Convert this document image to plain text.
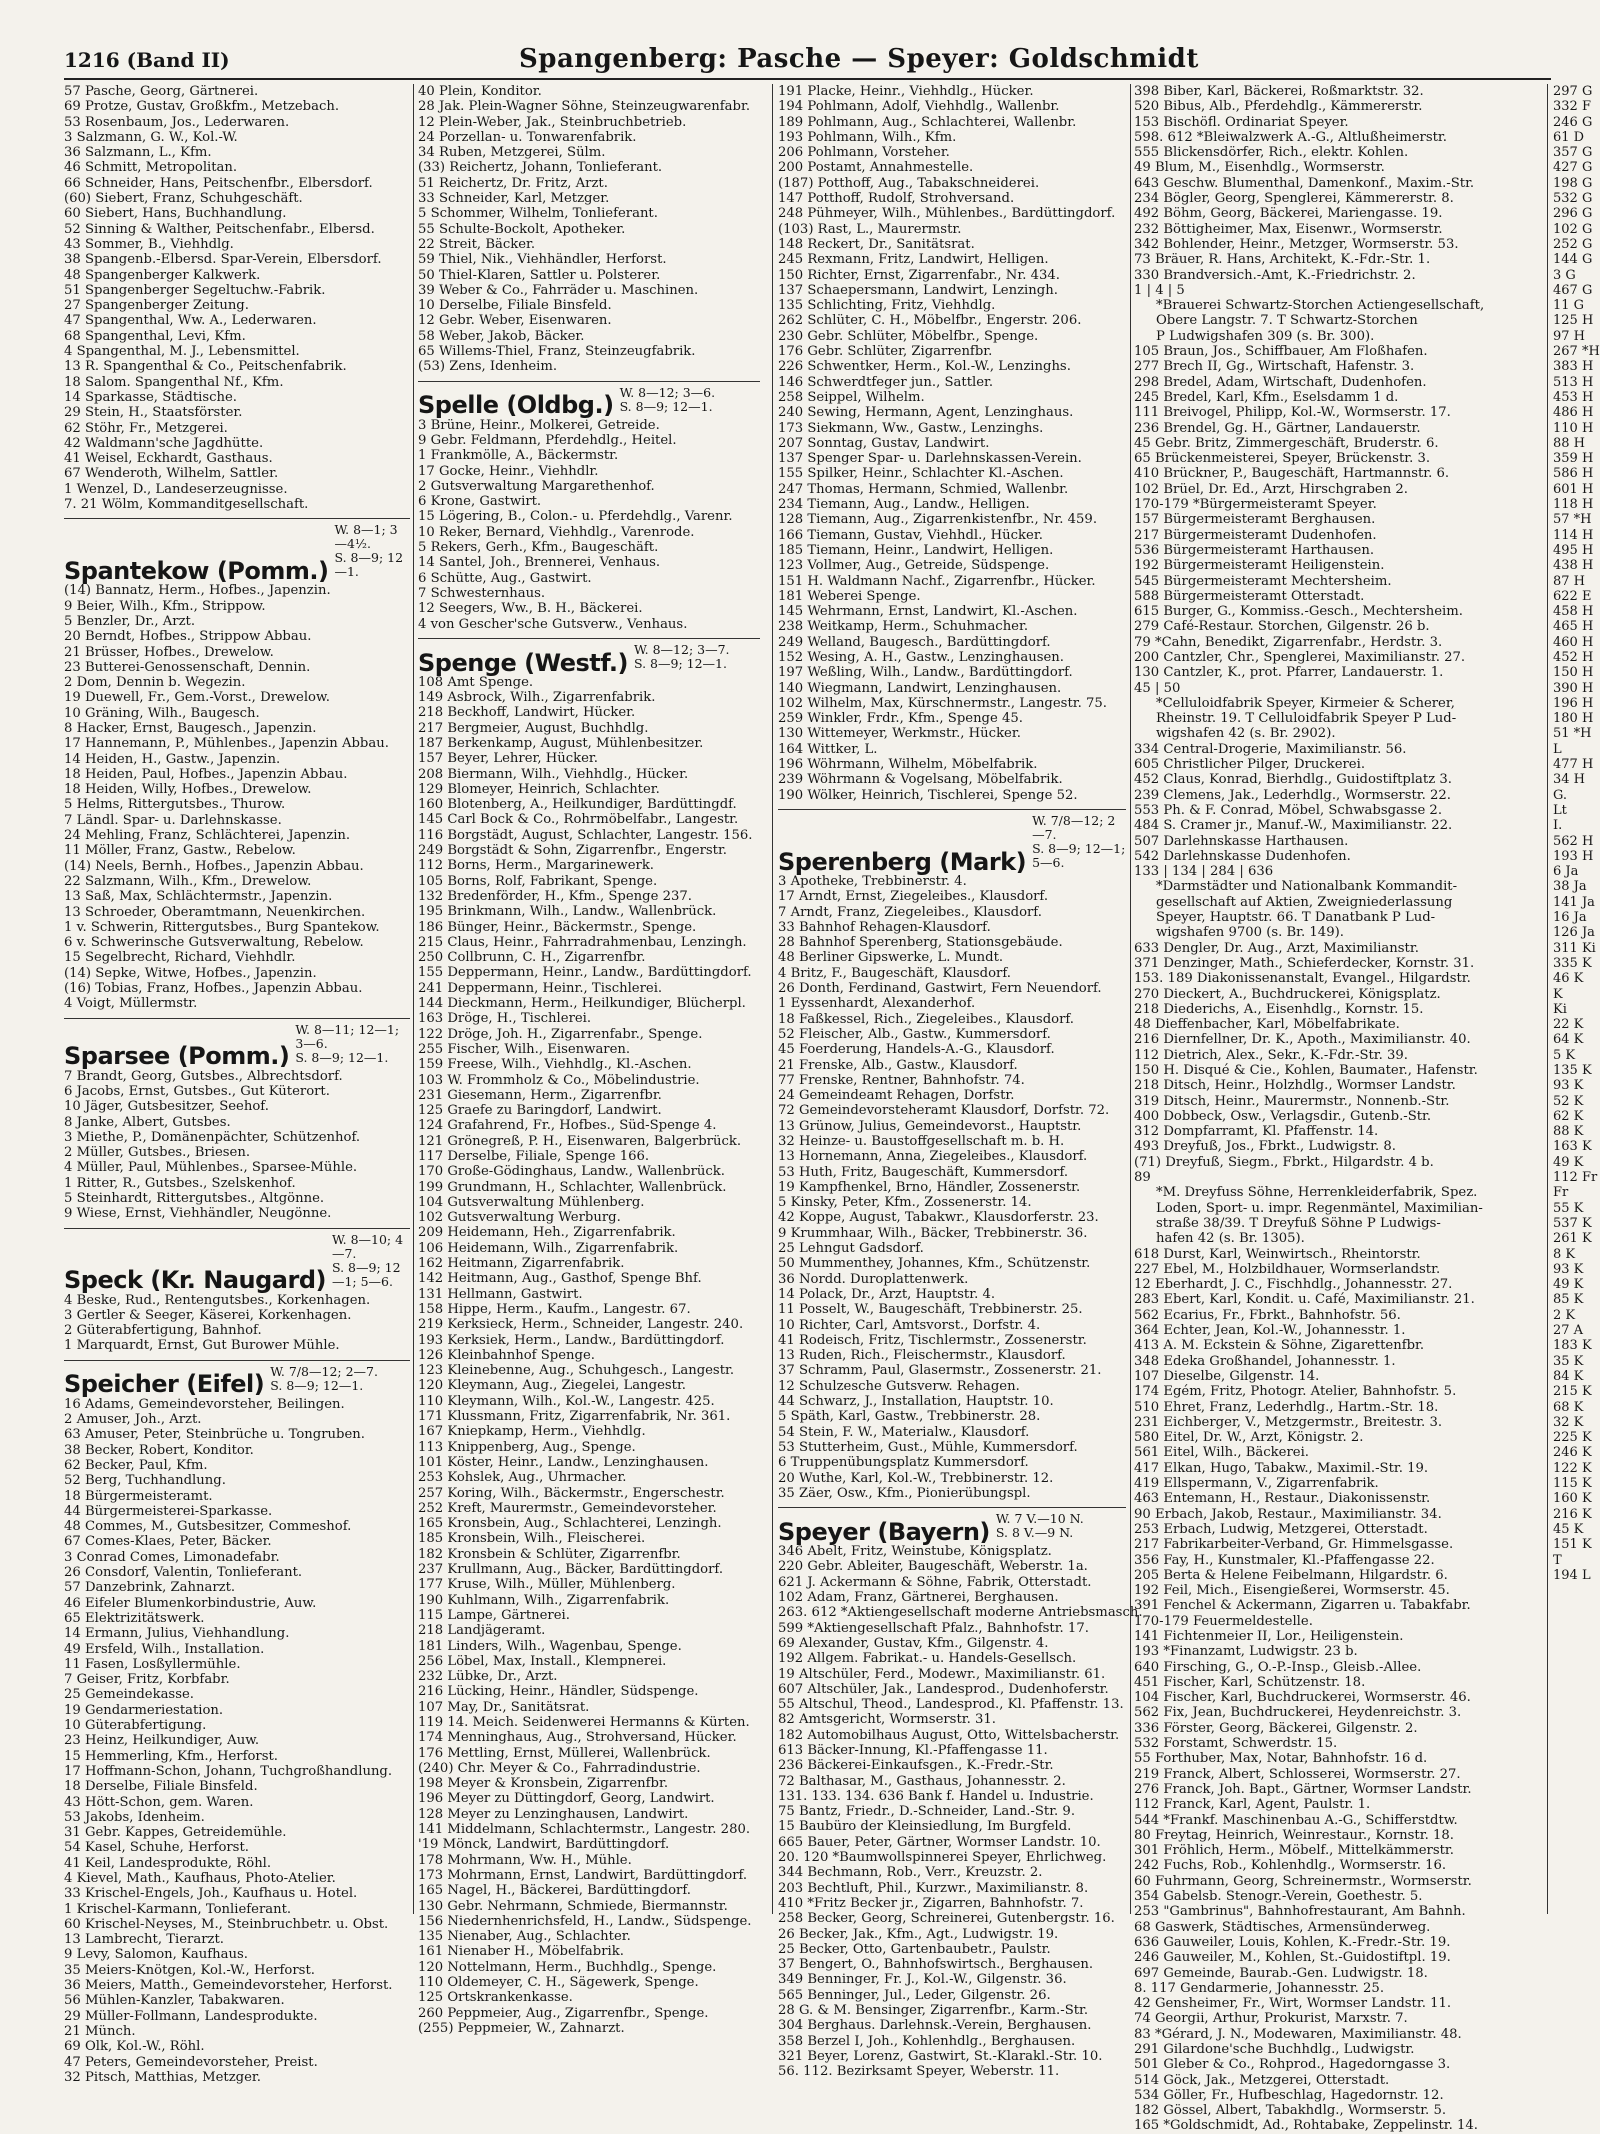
1216 (Band II)	Spangenberg: Pasche — Speyer: Goldschmidt
57 Pasche, Georg, Gärtnerei.
69 Protze, Gustav, Großkfm., Metzebach.
53 Rosenbaum, Jos., Lederwaren.
3 Salzmann, G. W., Kol.-W.
36 Salzmann, L., Kfm.
46 Schmitt, Metropolitan.
66 Schneider, Hans, Peitschenfbr., Elbersdorf.
(60) Siebert, Franz, Schuhgeschäft.
60 Siebert, Hans, Buchhandlung.
52 Sinning & Walther, Peitschenfabr., Elbersd.
43 Sommer, B., Viehhdlg.
38 Spangenb.-Elbersd. Spar-Verein, Elbersdorf.
48 Spangenberger Kalkwerk.
51 Spangenberger Segeltuchw.-Fabrik.
27 Spangenberger Zeitung.
47 Spangenthal, Ww. A., Lederwaren.
68 Spangenthal, Levi, Kfm.
4 Spangenthal, M. J., Lebensmittel.
13 R. Spangenthal & Co., Peitschenfabrik.
18 Salom. Spangenthal Nf., Kfm.
14 Sparkasse, Städtische.
29 Stein, H., Staatsförster.
62 Stöhr, Fr., Metzgerei.
42 Waldmann'sche Jagdhütte.
41 Weisel, Eckhardt, Gasthaus.
67 Wenderoth, Wilhelm, Sattler.
1 Wenzel, D., Landeserzeugnisse.
7. 21 Wölm, Kommanditgesellschaft.
Spantekow (Pomm.)
W. 8—1; 3—4½.
S. 8—9; 12—1.
(14) Bannatz, Herm., Hofbes., Japenzin.
9 Beier, Wilh., Kfm., Strippow.
5 Benzler, Dr., Arzt.
20 Berndt, Hofbes., Strippow Abbau.
21 Brüsser, Hofbes., Drewelow.
23 Butterei-Genossenschaft, Dennin.
2 Dom, Dennin b. Wegezin.
19 Duewell, Fr., Gem.-Vorst., Drewelow.
10 Gräning, Wilh., Baugesch.
8 Hacker, Ernst, Baugesch., Japenzin.
17 Hannemann, P., Mühlenbes., Japenzin Abbau.
14 Heiden, H., Gastw., Japenzin.
18 Heiden, Paul, Hofbes., Japenzin Abbau.
18 Heiden, Willy, Hofbes., Drewelow.
5 Helms, Rittergutsbes., Thurow.
7 Ländl. Spar- u. Darlehnskasse.
24 Mehling, Franz, Schlächterei, Japenzin.
11 Möller, Franz, Gastw., Rebelow.
(14) Neels, Bernh., Hofbes., Japenzin Abbau.
22 Salzmann, Wilh., Kfm., Drewelow.
13 Saß, Max, Schlächtermstr., Japenzin.
13 Schroeder, Oberamtmann, Neuenkirchen.
1 v. Schwerin, Rittergutsbes., Burg Spantekow.
6 v. Schwerinsche Gutsverwaltung, Rebelow.
15 Segelbrecht, Richard, Viehhdlr.
(14) Sepke, Witwe, Hofbes., Japenzin.
(16) Tobias, Franz, Hofbes., Japenzin Abbau.
4 Voigt, Müllermstr.
Sparsee (Pomm.)
W. 8—11; 12—1; 3—6.
S. 8—9; 12—1.
7 Brandt, Georg, Gutsbes., Albrechtsdorf.
6 Jacobs, Ernst, Gutsbes., Gut Küterort.
10 Jäger, Gutsbesitzer, Seehof.
8 Janke, Albert, Gutsbes.
3 Miethe, P., Domänenpächter, Schützenhof.
2 Müller, Gutsbes., Briesen.
4 Müller, Paul, Mühlenbes., Sparsee-Mühle.
1 Ritter, R., Gutsbes., Szelskenhof.
5 Steinhardt, Rittergutsbes., Altgönne.
9 Wiese, Ernst, Viehhändler, Neugönne.
Speck (Kr. Naugard)
W. 8—10; 4—7.
S. 8—9; 12—1; 5—6.
4 Beske, Rud., Rentengutsbes., Korkenhagen.
3 Gertler & Seeger, Käserei, Korkenhagen.
2 Güterabfertigung, Bahnhof.
1 Marquardt, Ernst, Gut Burower Mühle.
Speicher (Eifel) W. 7/8—12; 2—7.
S. 8—9; 12—1.
16 Adams, Gemeindevorsteher, Beilingen.
2 Amuser, Joh., Arzt.
63 Amuser, Peter, Steinbrüche u. Tongruben.
38 Becker, Robert, Konditor.
62 Becker, Paul, Kfm.
52 Berg, Tuchhandlung.
18 Bürgermeisteramt.
44 Bürgermeisterei-Sparkasse.
48 Commes, M., Gutsbesitzer, Commeshof.
67 Comes-Klaes, Peter, Bäcker.
3 Conrad Comes, Limonadefabr.
26 Consdorf, Valentin, Tonlieferant.
57 Danzebrink, Zahnarzt.
46 Eifeler Blumenkorbindustrie, Auw.
65 Elektrizitätswerk.
14 Ermann, Julius, Viehhandlung.
49 Ersfeld, Wilh., Installation.
11 Fasen, Losßyllermühle.
7 Geiser, Fritz, Korbfabr.
25 Gemeindekasse.
19 Gendarmeriestation.
10 Güterabfertigung.
23 Heinz, Heilkundiger, Auw.
15 Hemmerling, Kfm., Herforst.
17 Hoffmann-Schon, Johann, Tuchgroßhandlung.
18 Derselbe, Filiale Binsfeld.
43 Hött-Schon, gem. Waren.
53 Jakobs, Idenheim.
31 Gebr. Kappes, Getreidemühle.
54 Kasel, Schuhe, Herforst.
41 Keil, Landesprodukte, Röhl.
4 Kievel, Math., Kaufhaus, Photo-Atelier.
33 Krischel-Engels, Joh., Kaufhaus u. Hotel.
1 Krischel-Karmann, Tonlieferant.
60 Krischel-Neyses, M., Steinbruchbetr. u. Obst.
13 Lambrecht, Tierarzt.
9 Levy, Salomon, Kaufhaus.
35 Meiers-Knötgen, Kol.-W., Herforst.
36 Meiers, Matth., Gemeindevorsteher, Herforst.
56 Mühlen-Kanzler, Tabakwaren.
29 Müller-Follmann, Landesprodukte.
21 Münch.
69 Olk, Kol.-W., Röhl.
47 Peters, Gemeindevorsteher, Preist.
32 Pitsch, Matthias, Metzger.
40 Plein, Konditor.
28 Jak. Plein-Wagner Söhne, Steinzeugwarenfabr.
12 Plein-Weber, Jak., Steinbruchbetrieb.
24 Porzellan- u. Tonwarenfabrik.
34 Ruben, Metzgerei, Sülm.
(33) Reichertz, Johann, Tonlieferant.
51 Reichertz, Dr. Fritz, Arzt.
33 Schneider, Karl, Metzger.
5 Schommer, Wilhelm, Tonlieferant.
55 Schulte-Bockolt, Apotheker.
22 Streit, Bäcker.
59 Thiel, Nik., Viehhändler, Herforst.
50 Thiel-Klaren, Sattler u. Polsterer.
39 Weber & Co., Fahrräder u. Maschinen.
10 Derselbe, Filiale Binsfeld.
12 Gebr. Weber, Eisenwaren.
58 Weber, Jakob, Bäcker.
65 Willems-Thiel, Franz, Steinzeugfabrik.
(53) Zens, Idenheim.
Spelle (Oldbg.) W. 8—12; 3—6.
S. 8—9; 12—1.
3 Brüne, Heinr., Molkerei, Getreide.
9 Gebr. Feldmann, Pferdehdlg., Heitel.
1 Frankmölle, A., Bäckermstr.
17 Gocke, Heinr., Viehhdlr.
2 Gutsverwaltung Margarethenhof.
6 Krone, Gastwirt.
15 Lögering, B., Colon.- u. Pferdehdlg., Varenr.
10 Reker, Bernard, Viehhdlg., Varenrode.
5 Rekers, Gerh., Kfm., Baugeschäft.
14 Santel, Joh., Brennerei, Venhaus.
6 Schütte, Aug., Gastwirt.
7 Schwesternhaus.
12 Seegers, Ww., B. H., Bäckerei.
4 von Gescher'sche Gutsverw., Venhaus.
Spenge (Westf.) W. 8—12; 3—7.
S. 8—9; 12—1.
108 Amt Spenge.
149 Asbrock, Wilh., Zigarrenfabrik.
218 Beckhoff, Landwirt, Hücker.
217 Bergmeier, August, Buchhdlg.
187 Berkenkamp, August, Mühlenbesitzer.
157 Beyer, Lehrer, Hücker.
208 Biermann, Wilh., Viehhdlg., Hücker.
129 Blomeyer, Heinrich, Schlachter.
160 Blotenberg, A., Heilkundiger, Bardüttingdf.
145 Carl Bock & Co., Rohrmöbelfabr., Langestr.
116 Borgstädt, August, Schlachter, Langestr. 156.
249 Borgstädt & Sohn, Zigarrenfbr., Engerstr.
112 Borns, Herm., Margarinewerk.
105 Borns, Rolf, Fabrikant, Spenge.
132 Bredenförder, H., Kfm., Spenge 237.
195 Brinkmann, Wilh., Landw., Wallenbrück.
186 Bünger, Heinr., Bäckermstr., Spenge.
215 Claus, Heinr., Fahrradrahmenbau, Lenzingh.
250 Collbrunn, C. H., Zigarrenfbr.
155 Deppermann, Heinr., Landw., Bardüttingdorf.
241 Deppermann, Heinr., Tischlerei.
144 Dieckmann, Herm., Heilkundiger, Blücherpl.
163 Dröge, H., Tischlerei.
122 Dröge, Joh. H., Zigarrenfabr., Spenge.
255 Fischer, Wilh., Eisenwaren.
159 Freese, Wilh., Viehhdlg., Kl.-Aschen.
103 W. Frommholz & Co., Möbelindustrie.
231 Giesemann, Herm., Zigarrenfbr.
125 Graefe zu Baringdorf, Landwirt.
124 Grafahrend, Fr., Hofbes., Süd-Spenge 4.
121 Grönegreß, P. H., Eisenwaren, Balgerbrück.
117 Derselbe, Filiale, Spenge 166.
170 Große-Gödinghaus, Landw., Wallenbrück.
199 Grundmann, H., Schlachter, Wallenbrück.
104 Gutsverwaltung Mühlenberg.
102 Gutsverwaltung Werburg.
209 Heidemann, Heh., Zigarrenfabrik.
106 Heidemann, Wilh., Zigarrenfabrik.
162 Heitmann, Zigarrenfabrik.
142 Heitmann, Aug., Gasthof, Spenge Bhf.
131 Hellmann, Gastwirt.
158 Hippe, Herm., Kaufm., Langestr. 67.
219 Kerksieck, Herm., Schneider, Langestr. 240.
193 Kerksiek, Herm., Landw., Bardüttingdorf.
126 Kleinbahnhof Spenge.
123 Kleinebenne, Aug., Schuhgesch., Langestr.
120 Kleymann, Aug., Ziegelei, Langestr.
110 Kleymann, Wilh., Kol.-W., Langestr. 425.
171 Klussmann, Fritz, Zigarrenfabrik, Nr. 361.
167 Kniepkamp, Herm., Viehhdlg.
113 Knippenberg, Aug., Spenge.
101 Köster, Heinr., Landw., Lenzinghausen.
253 Kohslek, Aug., Uhrmacher.
257 Koring, Wilh., Bäckermstr., Engerschestr.
252 Kreft, Maurermstr., Gemeindevorsteher.
165 Kronsbein, Aug., Schlachterei, Lenzingh.
185 Kronsbein, Wilh., Fleischerei.
182 Kronsbein & Schlüter, Zigarrenfbr.
237 Krullmann, Aug., Bäcker, Bardüttingdorf.
177 Kruse, Wilh., Müller, Mühlenberg.
190 Kuhlmann, Wilh., Zigarrenfabrik.
115 Lampe, Gärtnerei.
218 Landjägeramt.
181 Linders, Wilh., Wagenbau, Spenge.
256 Löbel, Max, Install., Klempnerei.
232 Lübke, Dr., Arzt.
216 Lücking, Heinr., Händler, Südspenge.
107 May, Dr., Sanitätsrat.
119 14. Meich. Seidenwerei Hermanns & Kürten.
174 Menninghaus, Aug., Strohversand, Hücker.
176 Mettling, Ernst, Müllerei, Wallenbrück.
(240) Chr. Meyer & Co., Fahrradindustrie.
198 Meyer & Kronsbein, Zigarrenfbr.
196 Meyer zu Düttingdorf, Georg, Landwirt.
128 Meyer zu Lenzinghausen, Landwirt.
141 Middelmann, Schlachtermstr., Langestr. 280.
'19 Mönck, Landwirt, Bardüttingdorf.
178 Mohrmann, Ww. H., Mühle.
173 Mohrmann, Ernst, Landwirt, Bardüttingdorf.
165 Nagel, H., Bäckerei, Bardüttingdorf.
130 Gebr. Nehrmann, Schmiede, Biermannstr.
156 Niedernhenrichsfeld, H., Landw., Südspenge.
135 Nienaber, Aug., Schlachter.
161 Nienaber H., Möbelfabrik.
120 Nottelmann, Herm., Buchhdlg., Spenge.
110 Oldemeyer, C. H., Sägewerk, Spenge.
125 Ortskrankenkasse.
260 Peppmeier, Aug., Zigarrenfbr., Spenge.
(255) Peppmeier, W., Zahnarzt.
191 Placke, Heinr., Viehhdlg., Hücker.
194 Pohlmann, Adolf, Viehhdlg., Wallenbr.
189 Pohlmann, Aug., Schlachterei, Wallenbr.
193 Pohlmann, Wilh., Kfm.
206 Pohlmann, Vorsteher.
200 Postamt, Annahmestelle.
(187) Potthoff, Aug., Tabakschneiderei.
147 Potthoff, Rudolf, Strohversand.
248 Pühmeyer, Wilh., Mühlenbes., Bardüttingdorf.
(103) Rast, L., Maurermstr.
148 Reckert, Dr., Sanitätsrat.
245 Rexmann, Fritz, Landwirt, Helligen.
150 Richter, Ernst, Zigarrenfabr., Nr. 434.
137 Schaepersmann, Landwirt, Lenzingh.
135 Schlichting, Fritz, Viehhdlg.
262 Schlüter, C. H., Möbelfbr., Engerstr. 206.
230 Gebr. Schlüter, Möbelfbr., Spenge.
176 Gebr. Schlüter, Zigarrenfbr.
226 Schwentker, Herm., Kol.-W., Lenzinghs.
146 Schwerdtfeger jun., Sattler.
258 Seippel, Wilhelm.
240 Sewing, Hermann, Agent, Lenzinghaus.
173 Siekmann, Ww., Gastw., Lenzinghs.
207 Sonntag, Gustav, Landwirt.
137 Spenger Spar- u. Darlehnskassen-Verein.
155 Spilker, Heinr., Schlachter Kl.-Aschen.
247 Thomas, Hermann, Schmied, Wallenbr.
234 Tiemann, Aug., Landw., Helligen.
128 Tiemann, Aug., Zigarrenkistenfbr., Nr. 459.
166 Tiemann, Gustav, Viehhdl., Hücker.
185 Tiemann, Heinr., Landwirt, Helligen.
123 Vollmer, Aug., Getreide, Südspenge.
151 H. Waldmann Nachf., Zigarrenfbr., Hücker.
181 Weberei Spenge.
145 Wehrmann, Ernst, Landwirt, Kl.-Aschen.
238 Weitkamp, Herm., Schuhmacher.
249 Welland, Baugesch., Bardüttingdorf.
152 Wesing, A. H., Gastw., Lenzinghausen.
197 Weßling, Wilh., Landw., Bardüttingdorf.
140 Wiegmann, Landwirt, Lenzinghausen.
102 Wilhelm, Max, Kürschnermstr., Langestr. 75.
259 Winkler, Frdr., Kfm., Spenge 45.
130 Wittemeyer, Werkmstr., Hücker.
164 Wittker, L.
196 Wöhrmann, Wilhelm, Möbelfabrik.
239 Wöhrmann & Vogelsang, Möbelfabrik.
190 Wölker, Heinrich, Tischlerei, Spenge 52.
Sperenberg (Mark)
W. 7/8—12; 2—7.
S. 8—9; 12—1; 5—6.
3 Apotheke, Trebbinerstr. 4.
17 Arndt, Ernst, Ziegeleibes., Klausdorf.
7 Arndt, Franz, Ziegeleibes., Klausdorf.
33 Bahnhof Rehagen-Klausdorf.
28 Bahnhof Sperenberg, Stationsgebäude.
48 Berliner Gipswerke, L. Mundt.
4 Britz, F., Baugeschäft, Klausdorf.
26 Donth, Ferdinand, Gastwirt, Fern Neuendorf.
1 Eyssenhardt, Alexanderhof.
18 Faßkessel, Rich., Ziegeleibes., Klausdorf.
52 Fleischer, Alb., Gastw., Kummersdorf.
45 Foerderung, Handels-A.-G., Klausdorf.
21 Frenske, Alb., Gastw., Klausdorf.
77 Frenske, Rentner, Bahnhofstr. 74.
24 Gemeindeamt Rehagen, Dorfstr.
72 Gemeindevorsteheramt Klausdorf, Dorfstr. 72.
13 Grünow, Julius, Gemeindevorst., Hauptstr.
32 Heinze- u. Baustoffgesellschaft m. b. H.
13 Hornemann, Anna, Ziegeleibes., Klausdorf.
53 Huth, Fritz, Baugeschäft, Kummersdorf.
19 Kampfhenkel, Brno, Händler, Zossenerstr.
5 Kinsky, Peter, Kfm., Zossenerstr. 14.
42 Koppe, August, Tabakwr., Klausdorferstr. 23.
9 Krummhaar, Wilh., Bäcker, Trebbinerstr. 36.
25 Lehngut Gadsdorf.
50 Mummenthey, Johannes, Kfm., Schützenstr.
36 Nordd. Duroplattenwerk.
14 Polack, Dr., Arzt, Hauptstr. 4.
11 Posselt, W., Baugeschäft, Trebbinerstr. 25.
10 Richter, Carl, Amtsvorst., Dorfstr. 4.
41 Rodeisch, Fritz, Tischlermstr., Zossenerstr.
13 Ruden, Rich., Fleischermstr., Klausdorf.
37 Schramm, Paul, Glasermstr., Zossenerstr. 21.
12 Schulzesche Gutsverw. Rehagen.
44 Schwarz, J., Installation, Hauptstr. 10.
5 Späth, Karl, Gastw., Trebbinerstr. 28.
54 Stein, F. W., Materialw., Klausdorf.
53 Stutterheim, Gust., Mühle, Kummersdorf.
6 Truppenübungsplatz Kummersdorf.
20 Wuthe, Karl, Kol.-W., Trebbinerstr. 12.
35 Zäer, Osw., Kfm., Pionierübungspl.
Speyer (Bayern) W. 7 V.—10 N.
S. 8 V.—9 N.
346 Abelt, Fritz, Weinstube, Königsplatz.
220 Gebr. Ableiter, Baugeschäft, Weberstr. 1a.
621 J. Ackermann & Söhne, Fabrik, Otterstadt.
102 Adam, Franz, Gärtnerei, Berghausen.
263. 612 *Aktiengesellschaft moderne Antriebsmasch.
599 *Aktiengesellschaft Pfalz., Bahnhofstr. 17.
69 Alexander, Gustav, Kfm., Gilgenstr. 4.
192 Allgem. Fabrikat.- u. Handels-Gesellsch.
19 Altschüler, Ferd., Modewr., Maximilianstr. 61.
607 Altschüler, Jak., Landesprod., Dudenhoferstr.
55 Altschul, Theod., Landesprod., Kl. Pfaffenstr. 13.
82 Amtsgericht, Wormserstr. 31.
182 Automobilhaus August, Otto, Wittelsbacherstr.
613 Bäcker-Innung, Kl.-Pfaffengasse 11.
236 Bäckerei-Einkaufsgen., K.-Fredr.-Str.
72 Balthasar, M., Gasthaus, Johannesstr. 2.
131. 133. 134. 636 Bank f. Handel u. Industrie.
75 Bantz, Friedr., D.-Schneider, Land.-Str. 9.
15 Baubüro der Kleinsiedlung, Im Burgfeld.
665 Bauer, Peter, Gärtner, Wormser Landstr. 10.
20. 120 *Baumwollspinnerei Speyer, Ehrlichweg.
344 Bechmann, Rob., Verr., Kreuzstr. 2.
203 Bechtluft, Phil., Kurzwr., Maximilianstr. 8.
410 *Fritz Becker jr., Zigarren, Bahnhofstr. 7.
258 Becker, Georg, Schreinerei, Gutenbergstr. 16.
26 Becker, Jak., Kfm., Agt., Ludwigstr. 19.
25 Becker, Otto, Gartenbaubetr., Paulstr.
37 Bengert, O., Bahnhofswirtsch., Berghausen.
349 Benninger, Fr. J., Kol.-W., Gilgenstr. 36.
565 Benninger, Jul., Leder, Gilgenstr. 26.
28 G. & M. Bensinger, Zigarrenfbr., Karm.-Str.
304 Berghaus. Darlehnsk.-Verein, Berghausen.
358 Berzel I, Joh., Kohlenhdlg., Berghausen.
321 Beyer, Lorenz, Gastwirt, St.-Klarakl.-Str. 10.
56. 112. Bezirksamt Speyer, Weberstr. 11.
398 Biber, Karl, Bäckerei, Roßmarktstr. 32.
520 Bibus, Alb., Pferdehdlg., Kämmererstr.
153 Bischöfl. Ordinariat Speyer.
598. 612 *Bleiwalzwerk A.-G., Altlußheimerstr.
555 Blickensdörfer, Rich., elektr. Kohlen.
49 Blum, M., Eisenhdlg., Wormserstr.
643 Geschw. Blumenthal, Damenkonf., Maxim.-Str.
234 Bögler, Georg, Spenglerei, Kämmererstr. 8.
492 Böhm, Georg, Bäckerei, Mariengasse. 19.
232 Böttigheimer, Max, Eisenwr., Wormserstr.
342 Bohlender, Heinr., Metzger, Wormserstr. 53.
73 Bräuer, R. Hans, Architekt, K.-Fdr.-Str. 1.
330 Brandversich.-Amt, K.-Friedrichstr. 2.
1 | 4 | 5
*Brauerei Schwartz-Storchen Actiengesellschaft,
Obere Langstr. 7. T Schwartz-Storchen
P Ludwigshafen 309 (s. Br. 300).
105 Braun, Jos., Schiffbauer, Am Floßhafen.
277 Brech II, Gg., Wirtschaft, Hafenstr. 3.
298 Bredel, Adam, Wirtschaft, Dudenhofen.
245 Bredel, Karl, Kfm., Eselsdamm 1 d.
111 Breivogel, Philipp, Kol.-W., Wormserstr. 17.
236 Brendel, Gg. H., Gärtner, Landauerstr.
45 Gebr. Britz, Zimmergeschäft, Bruderstr. 6.
65 Brückenmeisterei, Speyer, Brückenstr. 3.
410 Brückner, P., Baugeschäft, Hartmannstr. 6.
102 Brüel, Dr. Ed., Arzt, Hirschgraben 2.
170-179 *Bürgermeisteramt Speyer.
157 Bürgermeisteramt Berghausen.
217 Bürgermeisteramt Dudenhofen.
536 Bürgermeisteramt Harthausen.
192 Bürgermeisteramt Heiligenstein.
545 Bürgermeisteramt Mechtersheim.
588 Bürgermeisteramt Otterstadt.
615 Burger, G., Kommiss.-Gesch., Mechtersheim.
279 Café-Restaur. Storchen, Gilgenstr. 26 b.
79 *Cahn, Benedikt, Zigarrenfabr., Herdstr. 3.
200 Cantzler, Chr., Spenglerei, Maximilianstr. 27.
130 Cantzler, K., prot. Pfarrer, Landauerstr. 1.
45 | 50
*Celluloidfabrik Speyer, Kirmeier & Scherer,
Rheinstr. 19. T Celluloidfabrik Speyer P Lud-
wigshafen 42 (s. Br. 2902).
334 Central-Drogerie, Maximilianstr. 56.
605 Christlicher Pilger, Druckerei.
452 Claus, Konrad, Bierhdlg., Guidostiftplatz 3.
239 Clemens, Jak., Lederhdlg., Wormserstr. 22.
553 Ph. & F. Conrad, Möbel, Schwabsgasse 2.
484 S. Cramer jr., Manuf.-W., Maximilianstr. 22.
507 Darlehnskasse Harthausen.
542 Darlehnskasse Dudenhofen.
133 | 134 | 284 | 636
*Darmstädter und Nationalbank Kommandit-
gesellschaft auf Aktien, Zweigniederlassung
Speyer, Hauptstr. 66. T Danatbank P Lud-
wigshafen 9700 (s. Br. 149).
633 Dengler, Dr. Aug., Arzt, Maximilianstr.
371 Denzinger, Math., Schieferdecker, Kornstr. 31.
153. 189 Diakonissenanstalt, Evangel., Hilgardstr.
270 Dieckert, A., Buchdruckerei, Königsplatz.
218 Diederichs, A., Eisenhdlg., Kornstr. 15.
48 Dieffenbacher, Karl, Möbelfabrikate.
216 Diernfellner, Dr. K., Apoth., Maximilianstr. 40.
112 Dietrich, Alex., Sekr., K.-Fdr.-Str. 39.
150 H. Disqué & Cie., Kohlen, Baumater., Hafenstr.
218 Ditsch, Heinr., Holzhdlg., Wormser Landstr.
319 Ditsch, Heinr., Maurermstr., Nonnenb.-Str.
400 Dobbeck, Osw., Verlagsdir., Gutenb.-Str.
312 Dompfarramt, Kl. Pfaffenstr. 14.
493 Dreyfuß, Jos., Fbrkt., Ludwigstr. 8.
(71) Dreyfuß, Siegm., Fbrkt., Hilgardstr. 4 b.
89
*M. Dreyfuss Söhne, Herrenkleiderfabrik, Spez.
Loden, Sport- u. impr. Regenmäntel, Maximilian-
straße 38/39. T Dreyfuß Söhne P Ludwigs-
hafen 42 (s. Br. 1305).
618 Durst, Karl, Weinwirtsch., Rheintorstr.
227 Ebel, M., Holzbildhauer, Wormserlandstr.
12 Eberhardt, J. C., Fischhdlg., Johannesstr. 27.
283 Ebert, Karl, Kondit. u. Café, Maximilianstr. 21.
562 Ecarius, Fr., Fbrkt., Bahnhofstr. 56.
364 Echter, Jean, Kol.-W., Johannesstr. 1.
413 A. M. Eckstein & Söhne, Zigarettenfbr.
348 Edeka Großhandel, Johannesstr. 1.
107 Dieselbe, Gilgenstr. 14.
174 Egém, Fritz, Photogr. Atelier, Bahnhofstr. 5.
510 Ehret, Franz, Lederhdlg., Hartm.-Str. 18.
231 Eichberger, V., Metzgermstr., Breitestr. 3.
580 Eitel, Dr. W., Arzt, Königstr. 2.
561 Eitel, Wilh., Bäckerei.
417 Elkan, Hugo, Tabakw., Maximil.-Str. 19.
419 Ellspermann, V., Zigarrenfabrik.
463 Entemann, H., Restaur., Diakonissenstr.
90 Erbach, Jakob, Restaur., Maximilianstr. 34.
253 Erbach, Ludwig, Metzgerei, Otterstadt.
217 Fabrikarbeiter-Verband, Gr. Himmelsgasse.
356 Fay, H., Kunstmaler, Kl.-Pfaffengasse 22.
205 Berta & Helene Feibelmann, Hilgardstr. 6.
192 Feil, Mich., Eisengießerei, Wormserstr. 45.
391 Fenchel & Ackermann, Zigarren u. Tabakfabr.
170-179 Feuermeldestelle.
141 Fichtenmeier II, Lor., Heiligenstein.
193 *Finanzamt, Ludwigstr. 23 b.
640 Firsching, G., O.-P.-Insp., Gleisb.-Allee.
451 Fischer, Karl, Schützenstr. 18.
104 Fischer, Karl, Buchdruckerei, Wormserstr. 46.
562 Fix, Jean, Buchdruckerei, Heydenreichstr. 3.
336 Förster, Georg, Bäckerei, Gilgenstr. 2.
532 Forstamt, Schwerdstr. 15.
55 Forthuber, Max, Notar, Bahnhofstr. 16 d.
219 Franck, Albert, Schlosserei, Wormserstr. 27.
276 Franck, Joh. Bapt., Gärtner, Wormser Landstr.
112 Franck, Karl, Agent, Paulstr. 1.
544 *Frankf. Maschinenbau A.-G., Schifferstdtw.
80 Freytag, Heinrich, Weinrestaur., Kornstr. 18.
301 Fröhlich, Herm., Möbelf., Mittelkämmerstr.
242 Fuchs, Rob., Kohlenhdlg., Wormserstr. 16.
60 Fuhrmann, Georg, Schreinermstr., Wormserstr.
354 Gabelsb. Stenogr.-Verein, Goethestr. 5.
253 "Gambrinus", Bahnhofrestaurant, Am Bahnh.
68 Gaswerk, Städtisches, Armensünderweg.
636 Gauweiler, Louis, Kohlen, K.-Fredr.-Str. 19.
246 Gauweiler, M., Kohlen, St.-Guidostiftpl. 19.
697 Gemeinde, Baurab.-Gen. Ludwigstr. 18.
8. 117 Gendarmerie, Johannesstr. 25.
42 Gensheimer, Fr., Wirt, Wormser Landstr. 11.
74 Georgii, Arthur, Prokurist, Marxstr. 7.
83 *Gérard, J. N., Modewaren, Maximilianstr. 48.
291 Gilardone'sche Buchhdlg., Ludwigstr.
501 Gleber & Co., Rohprod., Hagedorngasse 3.
514 Göck, Jak., Metzgerei, Otterstadt.
534 Göller, Fr., Hufbeschlag, Hagedornstr. 12.
182 Gössel, Albert, Tabakhdlg., Wormserstr. 5.
165 *Goldschmidt, Ad., Rohtabake, Zeppelinstr. 14.
297 G
332 F
246 G
61 D
357 G
427 G
198 G
532 G
296 G
102 G
252 G
144 G
3 G
467 G
11 G
125 H
97 H
267 *H
383 H
513 H
453 H
486 H
110 H
88 H
359 H
586 H
601 H
118 H
57 *H
114 H
495 H
438 H
87 H
622 E
458 H
465 H
460 H
452 H
150 H
390 H
196 H
180 H
51 *H
L
477 H
34 H
G.
Lt
I.
562 H
193 H
6 Ja
38 Ja
141 Ja
16 Ja
126 Ja
311 Ki
335 K
46 K
K
Ki
22 K
64 K
5 K
135 K
93 K
52 K
62 K
88 K
163 K
49 K
112 Fr
Fr
55 K
537 K
261 K
8 K
93 K
49 K
85 K
2 K
27 A
183 K
35 K
84 K
215 K
68 K
32 K
225 K
246 K
122 K
115 K
160 K
216 K
45 K
151 K
T
194 L
